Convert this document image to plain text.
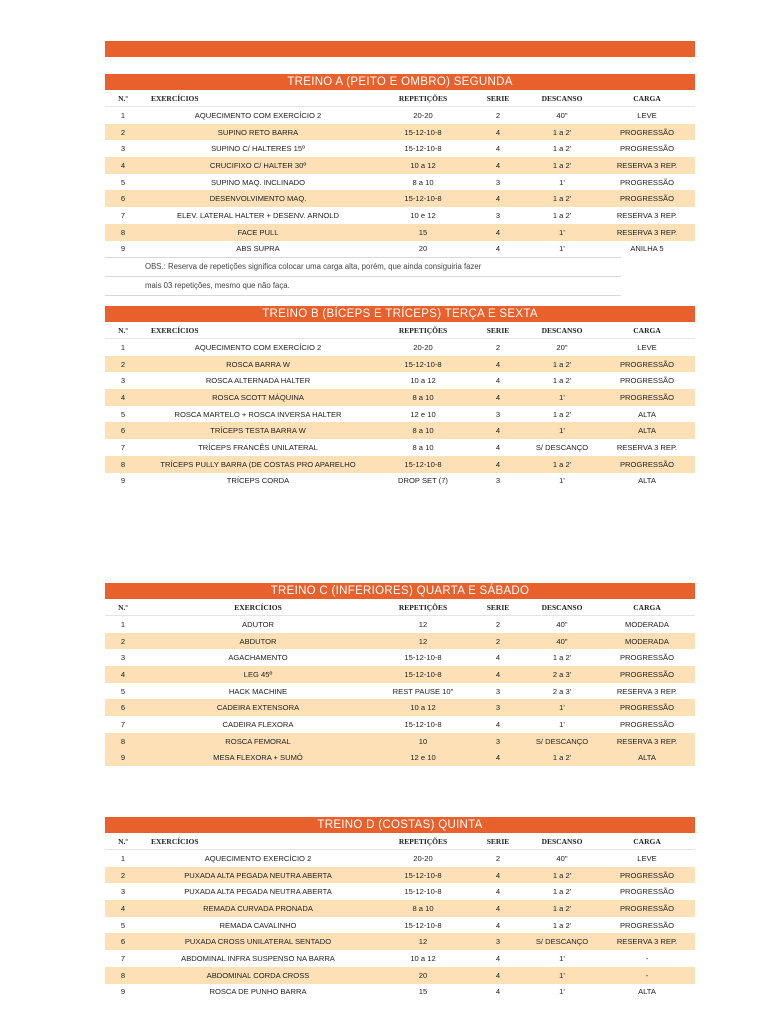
TREINO A (PEITO E OMBRO) SEGUNDA
N.º	EXERCÍCIOS	REPETIÇÕES	SERIE	DESCANSO	CARGA
1	AQUECIMENTO COM EXERCÍCIO 2	20-20	2	40"	LEVE
2	SUPINO RETO BARRA	15-12-10-8	4	1 a 2'	PROGRESSÃO
3	SUPINO C/ HALTERES 15º	15-12-10-8	4	1 a 2'	PROGRESSÃO
4	CRUCIFIXO C/ HALTER 30º	10 a 12	4	1 a 2'	RESERVA 3 REP.
5	SUPINO MAQ. INCLINADO	8 a 10	3	1'	PROGRESSÃO
6	DESENVOLVIMENTO MAQ.	15-12-10-8	4	1 a 2'	PROGRESSÃO
7	ELEV. LATERAL HALTER + DESENV. ARNOLD	10 e 12	3	1 a 2'	RESERVA 3 REP.
8	FACE PULL	15	4	1'	RESERVA 3 REP.
9	ABS SUPRA	20	4	1'	ANILHA 5
OBS.: Reserva de repetições significa colocar uma carga alta, porém, que ainda consiguiria fazer
mais 03 repetições, mesmo que não faça.
TREINO B (BÍCEPS E TRÍCEPS) TERÇA E SEXTA
N.º	EXERCÍCIOS	REPETIÇÕES	SERIE	DESCANSO	CARGA
1	AQUECIMENTO COM EXERCÍCIO 2	20-20	2	20"	LEVE
2	ROSCA BARRA W	15-12-10-8	4	1 a 2'	PROGRESSÃO
3	ROSCA ALTERNADA HALTER	10 a 12	4	1 a 2'	PROGRESSÃO
4	ROSCA SCOTT MÁQUINA	8 a 10	4	1'	PROGRESSÃO
5	ROSCA MARTELO + ROSCA INVERSA HALTER	12 e 10	3	1 a 2'	ALTA
6	TRÍCEPS TESTA BARRA W	8 a 10	4	1'	ALTA
7	TRÍCEPS FRANCÊS UNILATERAL	8 a 10	4	S/ DESCANÇO	RESERVA 3 REP.
8	TRÍCEPS PULLY BARRA (DE COSTAS PRO APARELHO	15-12-10-8	4	1 a 2'	PROGRESSÃO
9	TRÍCEPS CORDA	DROP SET (7)	3	1'	ALTA
TREINO C (INFERIORES) QUARTA E SÁBADO
N.º	EXERCÍCIOS	REPETIÇÕES	SERIE	DESCANSO	CARGA
1	ADUTOR	12	2	40"	MODERADA
2	ABDUTOR	12	2	40"	MODERADA
3	AGACHAMENTO	15-12-10-8	4	1 a 2'	PROGRESSÃO
4	LEG 45º	15-12-10-8	4	2 a 3'	PROGRESSÃO
5	HACK MACHINE	REST PAUSE 10"	3	2 a 3'	RESERVA 3 REP.
6	CADEIRA EXTENSORA	10 a 12	3	1'	PROGRESSÃO
7	CADEIRA FLEXORA	15-12-10-8	4	1'	PROGRESSÃO
8	ROSCA FEMORAL	10	3	S/ DESCANÇO	RESERVA 3 REP.
9	MESA FLEXORA + SUMÔ	12 e 10	4	1 a 2'	ALTA
TREINO D (COSTAS) QUINTA
N.º	EXERCÍCIOS	REPETIÇÕES	SERIE	DESCANSO	CARGA
1	AQUECIMENTO EXERCÍCIO 2	20-20	2	40"	LEVE
2	PUXADA ALTA PEGADA NEUTRA ABERTA	15-12-10-8	4	1 a 2'	PROGRESSÃO
3	PUXADA ALTA PEGADA NEUTRA ABERTA	15-12-10-8	4	1 a 2'	PROGRESSÃO
4	REMADA CURVADA PRONADA	8 a 10	4	1 a 2'	PROGRESSÃO
5	REMADA CAVALINHO	15-12-10-8	4	1 a 2'	PROGRESSÃO
6	PUXADA CROSS UNILATERAL SENTADO	12	3	S/ DESCANÇO	RESERVA 3 REP.
7	ABDOMINAL INFRA SUSPENSO NA BARRA	10 a 12	4	1'	-
8	ABDOMINAL CORDA CROSS	20	4	1'	-
9	ROSCA DE PUNHO BARRA	15	4	1'	ALTA
